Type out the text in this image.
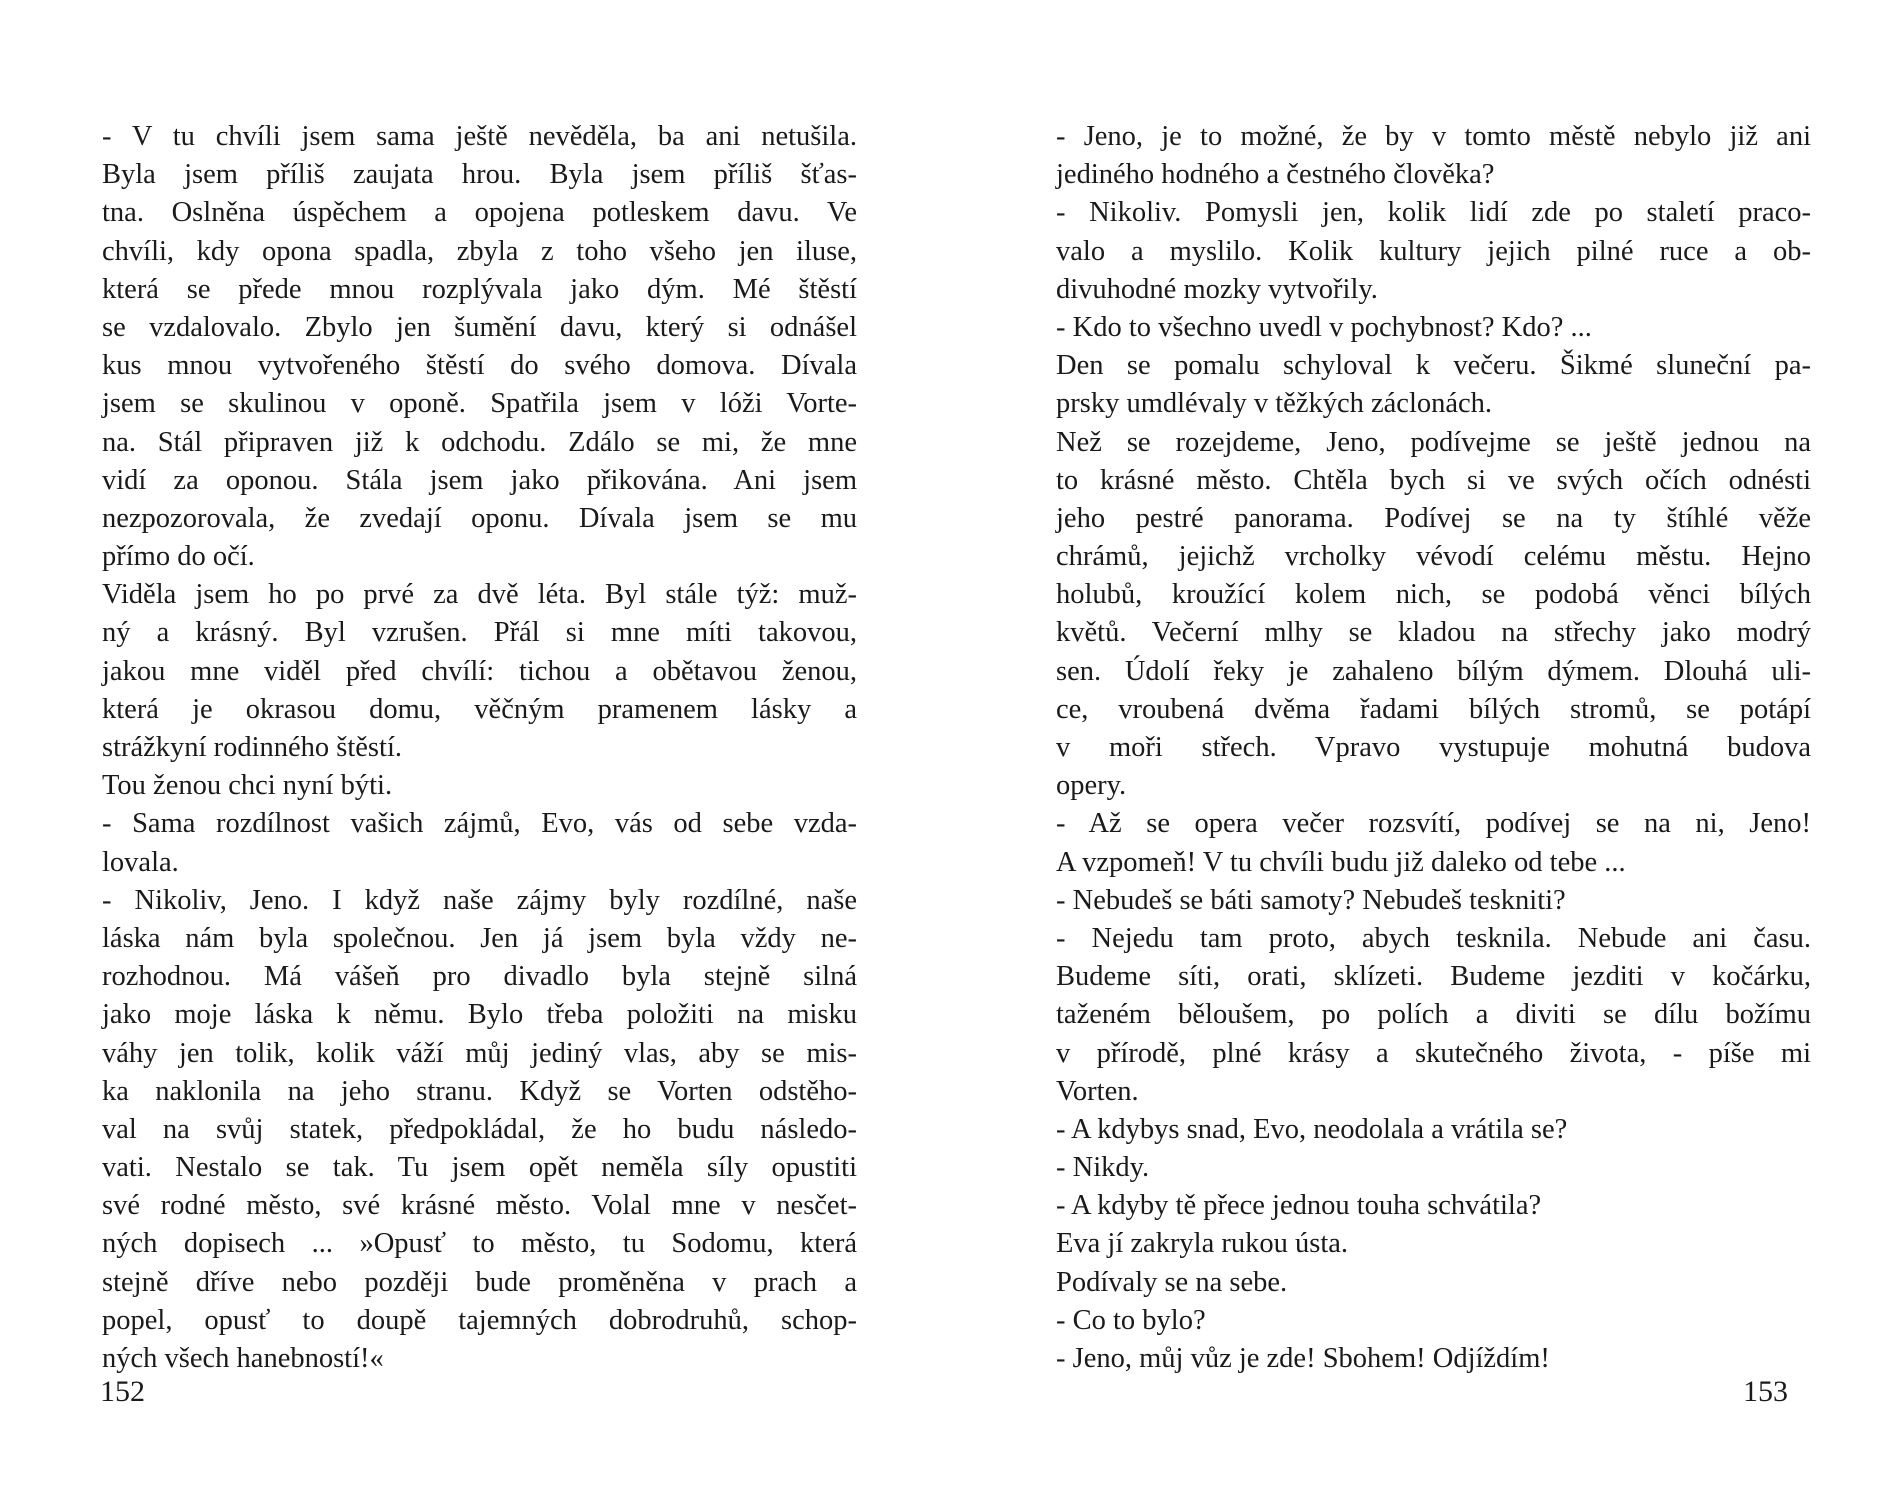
- V tu chvíli jsem sama ještě nevěděla, ba ani netušila.
Byla jsem příliš zaujata hrou. Byla jsem příliš šťas-
tna. Oslněna úspěchem a opojena potleskem davu. Ve
chvíli, kdy opona spadla, zbyla z toho všeho jen iluse,
která se přede mnou rozplývala jako dým. Mé štěstí
se vzdalovalo. Zbylo jen šumění davu, který si odnášel
kus mnou vytvořeného štěstí do svého domova. Dívala
jsem se skulinou v oponě. Spatřila jsem v lóži Vorte-
na. Stál připraven již k odchodu. Zdálo se mi, že mne
vidí za oponou. Stála jsem jako přikována. Ani jsem
nezpozorovala, že zvedají oponu. Dívala jsem se mu
přímo do očí.
Viděla jsem ho po prvé za dvě léta. Byl stále týž: muž-
ný a krásný. Byl vzrušen. Přál si mne míti takovou,
jakou mne viděl před chvílí: tichou a obětavou ženou,
která je okrasou domu, věčným pramenem lásky a
strážkyní rodinného štěstí.
Tou ženou chci nyní býti.
- Sama rozdílnost vašich zájmů, Evo, vás od sebe vzda-
lovala.
- Nikoliv, Jeno. I když naše zájmy byly rozdílné, naše
láska nám byla společnou. Jen já jsem byla vždy ne-
rozhodnou. Má vášeň pro divadlo byla stejně silná
jako moje láska k němu. Bylo třeba položiti na misku
váhy jen tolik, kolik váží můj jediný vlas, aby se mis-
ka naklonila na jeho stranu. Když se Vorten odstěho-
val na svůj statek, předpokládal, že ho budu následo-
vati. Nestalo se tak. Tu jsem opět neměla síly opustiti
své rodné město, své krásné město. Volal mne v nesčet-
ných dopisech ... »Opusť to město, tu Sodomu, která
stejně dříve nebo později bude proměněna v prach a
popel, opusť to doupě tajemných dobrodruhů, schop-
ných všech hanebností!«
152
- Jeno, je to možné, že by v tomto městě nebylo již ani
jediného hodného a čestného člověka?
- Nikoliv. Pomysli jen, kolik lidí zde po staletí praco-
valo a myslilo. Kolik kultury jejich pilné ruce a ob-
divuhodné mozky vytvořily.
- Kdo to všechno uvedl v pochybnost? Kdo? ...
Den se pomalu schyloval k večeru. Šikmé sluneční pa-
prsky umdlévaly v těžkých záclonách.
Než se rozejdeme, Jeno, podívejme se ještě jednou na
to krásné město. Chtěla bych si ve svých očích odnésti
jeho pestré panorama. Podívej se na ty štíhlé věže
chrámů, jejichž vrcholky vévodí celému městu. Hejno
holubů, kroužící kolem nich, se podobá věnci bílých
květů. Večerní mlhy se kladou na střechy jako modrý
sen. Údolí řeky je zahaleno bílým dýmem. Dlouhá uli-
ce, vroubená dvěma řadami bílých stromů, se potápí
v moři střech. Vpravo vystupuje mohutná budova
opery.
- Až se opera večer rozsvítí, podívej se na ni, Jeno!
A vzpomeň! V tu chvíli budu již daleko od tebe ...
- Nebudeš se báti samoty? Nebudeš teskniti?
- Nejedu tam proto, abych tesknila. Nebude ani času.
Budeme síti, orati, sklízeti. Budeme jezditi v kočárku,
taženém běloušem, po polích a diviti se dílu božímu
v přírodě, plné krásy a skutečného života, - píše mi
Vorten.
- A kdybys snad, Evo, neodolala a vrátila se?
- Nikdy.
- A kdyby tě přece jednou touha schvátila?
Eva jí zakryla rukou ústa.
Podívaly se na sebe.
- Co to bylo?
- Jeno, můj vůz je zde! Sbohem! Odjíždím!
153
